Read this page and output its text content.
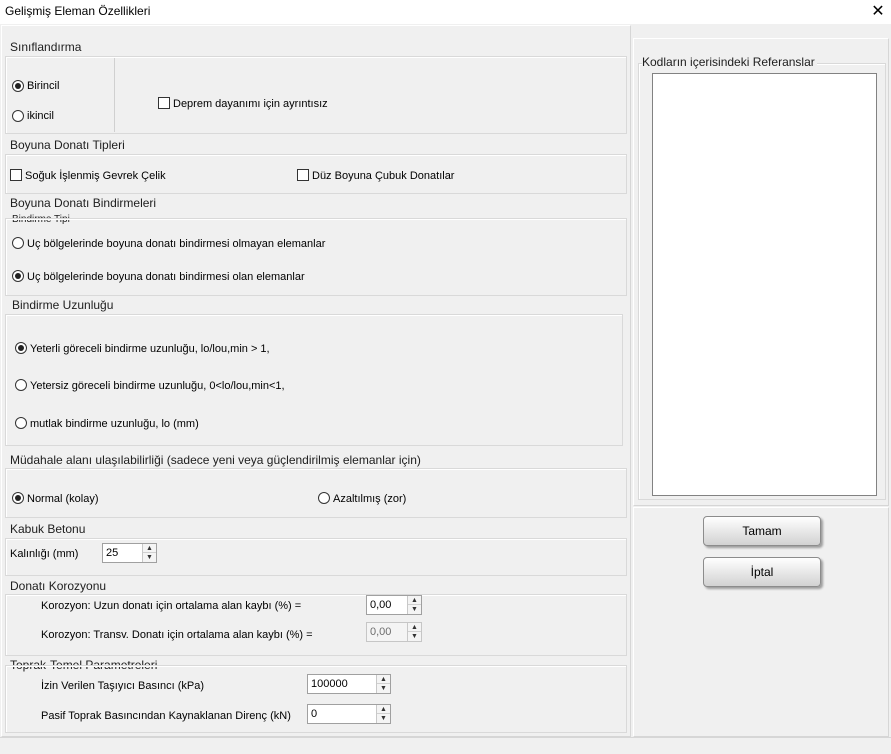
Gelişmiş Eleman Özellikleri	✕
Sınıflandırma
Birincil
ikincil
Deprem dayanımı için ayrıntısız
Boyuna Donatı Tipleri
Soğuk İşlenmiş Gevrek Çelik	Düz Boyuna Çubuk Donatılar
Boyuna Donatı Bindirmeleri
Bindirme Tipi
Uç bölgelerinde boyuna donatı bindirmesi olmayan elemanlar
Uç bölgelerinde boyuna donatı bindirmesi olan elemanlar
Bindirme Uzunluğu
Yeterli göreceli bindirme uzunluğu, lo/lou,min > 1,
Yetersiz göreceli bindirme uzunluğu, 0<lo/lou,min<1,
mutlak bindirme uzunluğu, lo (mm)
Müdahale alanı ulaşılabilirliği (sadece yeni veya güçlendirilmiş elemanlar için)
Normal (kolay)	Azaltılmış (zor)
Kabuk Betonu
Kalınlığı (mm)	25	▲
▼
Donatı Korozyonu
Korozyon: Uzun donatı için ortalama alan kaybı (%) =	0,00	▲
▼
Korozyon: Transv. Donatı için ortalama alan kaybı (%) =	0,00	▲
▼
Toprak-Temel Parametreleri
İzin Verilen Taşıyıcı Basıncı (kPa)	100000	▲
▼
Pasif Toprak Basıncından Kaynaklanan Direnç (kN) 0	▲
▼
Kodların içerisindeki Referanslar
Tamam
İptal
